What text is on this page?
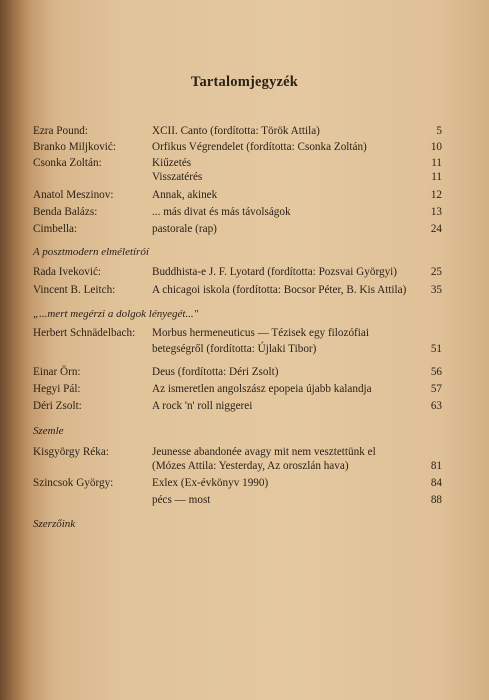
Tartalomjegyzék
Ezra Pound:	XCII. Canto (fordította: Török Attila)	5
Branko Miljković:	Orfikus Végrendelet (fordította: Csonka Zoltán)	10
Csonka Zoltán:	Kiűzetés	11
Visszatérés	11
Anatol Meszinov:	Annak, akinek	12
Benda Balázs:	... más divat és más távolságok	13
Cimbella:	pastorale (rap)	24
A posztmodern elméletíróí
Rada Iveković:	Buddhista-e J. F. Lyotard (fordította: Pozsvai Györgyi)	25
Vincent B. Leitch:	A chicagoi iskola (fordította: Bocsor Péter, B. Kis Attila) 35
„...mert megérzi a dolgok lényegét..."
Herbert Schnädelbach: Morbus hermeneuticus — Tézisek egy filozófiai
betegségről (fordította: Újlaki Tibor)	51
Einar Örn:	Deus (fordította: Déri Zsolt)	56
Hegyi Pál:	Az ismeretlen angolszász epopeia újabb kalandja	57
Déri Zsolt:	A rock 'n' roll niggerei	63
Szemle
Kisgyörgy Réka:	Jeunesse abandonée avagy mit nem vesztettünk el
(Mózes Attila: Yesterday, Az oroszlán hava)	81
Szincsok György:	Exlex (Ex-évkönyv 1990)	84
pécs — most	88
Szerzőink
